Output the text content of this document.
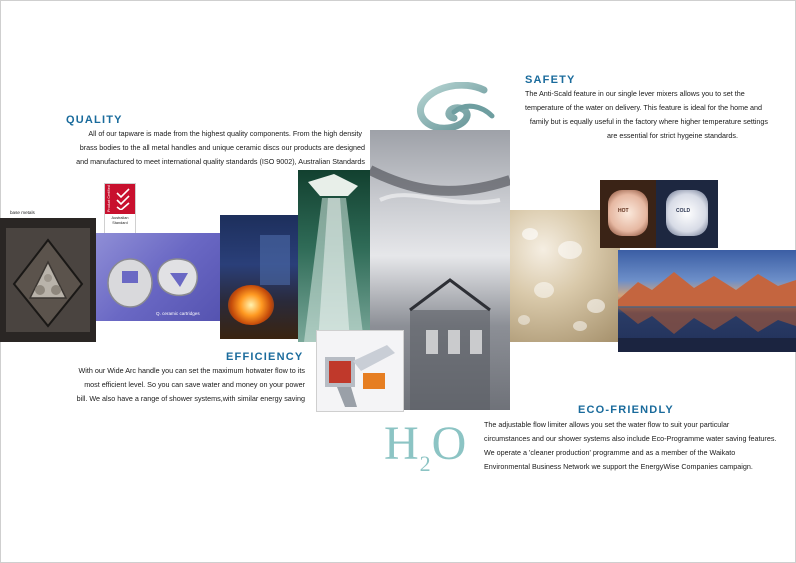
QUALITY
All of our tapware is made from the highest quality components. From the high density
brass bodies to the all metal handles and unique ceramic discs our products are designed
and manufactured to meet international quality standards (ISO 9002), Australian Standards
SAFETY
The Anti-Scald feature in our single lever mixers allows you to set the
temperature of the water on delivery. This feature is ideal for the home and
family but is equally useful in the factory where higher temperature settings
are essential for strict hygeine standards.
EFFICIENCY
With our Wide Arc handle you can set the maximum hotwater flow to its
most efficient level. So you can save water and money on your power
bill. We also have a range of shower systems,with similar energy saving
ECO-FRIENDLY
The adjustable flow limiter allows you set the water flow to suit your particular
circumstances and our shower systems also include Eco-Programme water saving features.
We operate a 'cleaner production' programme and as a member of the Waikato
Environmental Business Network we support the EnergyWise Companies campaign.
$H_2O$
base metals
Product Certified
Australian Standard
Q. ceramic cartridges
HOT	COLD
